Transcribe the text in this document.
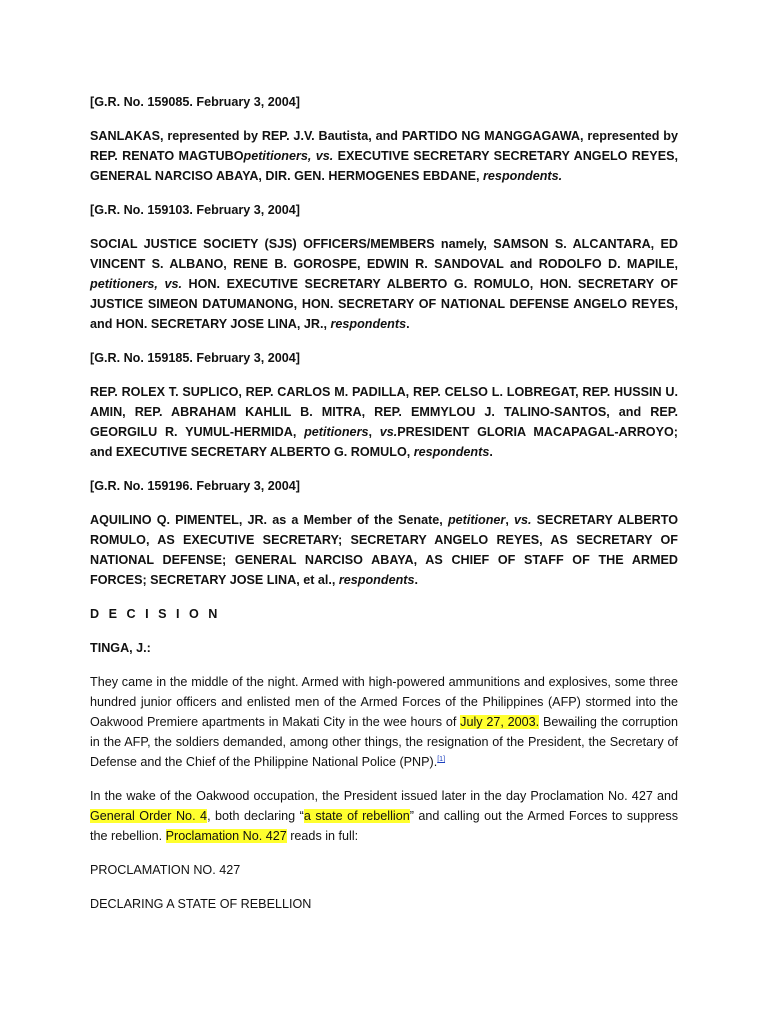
[G.R. No. 159085. February 3, 2004]

SANLAKAS, represented by REP. J.V. Bautista, and PARTIDO NG MANGGAGAWA, represented by REP. RENATO MAGTUBOpetitioners, vs. EXECUTIVE SECRETARY SECRETARY ANGELO REYES, GENERAL NARCISO ABAYA, DIR. GEN. HERMOGENES EBDANE, respondents.

[G.R. No. 159103. February 3, 2004]

SOCIAL JUSTICE SOCIETY (SJS) OFFICERS/MEMBERS namely, SAMSON S. ALCANTARA, ED VINCENT S. ALBANO, RENE B. GOROSPE, EDWIN R. SANDOVAL and RODOLFO D. MAPILE, petitioners, vs. HON. EXECUTIVE SECRETARY ALBERTO G. ROMULO, HON. SECRETARY OF JUSTICE SIMEON DATUMANONG, HON. SECRETARY OF NATIONAL DEFENSE ANGELO REYES, and HON. SECRETARY JOSE LINA, JR., respondents.

[G.R. No. 159185. February 3, 2004]

REP. ROLEX T. SUPLICO, REP. CARLOS M. PADILLA, REP. CELSO L. LOBREGAT, REP. HUSSIN U. AMIN, REP. ABRAHAM KAHLIL B. MITRA, REP. EMMYLOU J. TALINO-SANTOS, and REP. GEORGILU R. YUMUL-HERMIDA, petitioners, vs.PRESIDENT GLORIA MACAPAGAL-ARROYO; and EXECUTIVE SECRETARY ALBERTO G. ROMULO, respondents.

[G.R. No. 159196. February 3, 2004]

AQUILINO Q. PIMENTEL, JR. as a Member of the Senate, petitioner, vs. SECRETARY ALBERTO ROMULO, AS EXECUTIVE SECRETARY; SECRETARY ANGELO REYES, AS SECRETARY OF NATIONAL DEFENSE; GENERAL NARCISO ABAYA, AS CHIEF OF STAFF OF THE ARMED FORCES; SECRETARY JOSE LINA, et al., respondents.

D E C I S I O N

TINGA, J.:

They came in the middle of the night. Armed with high-powered ammunitions and explosives, some three hundred junior officers and enlisted men of the Armed Forces of the Philippines (AFP) stormed into the Oakwood Premiere apartments in Makati City in the wee hours of July 27, 2003. Bewailing the corruption in the AFP, the soldiers demanded, among other things, the resignation of the President, the Secretary of Defense and the Chief of the Philippine National Police (PNP).[1]

In the wake of the Oakwood occupation, the President issued later in the day Proclamation No. 427 and General Order No. 4, both declaring “a state of rebellion” and calling out the Armed Forces to suppress the rebellion. Proclamation No. 427 reads in full:

PROCLAMATION NO. 427

DECLARING A STATE OF REBELLION
